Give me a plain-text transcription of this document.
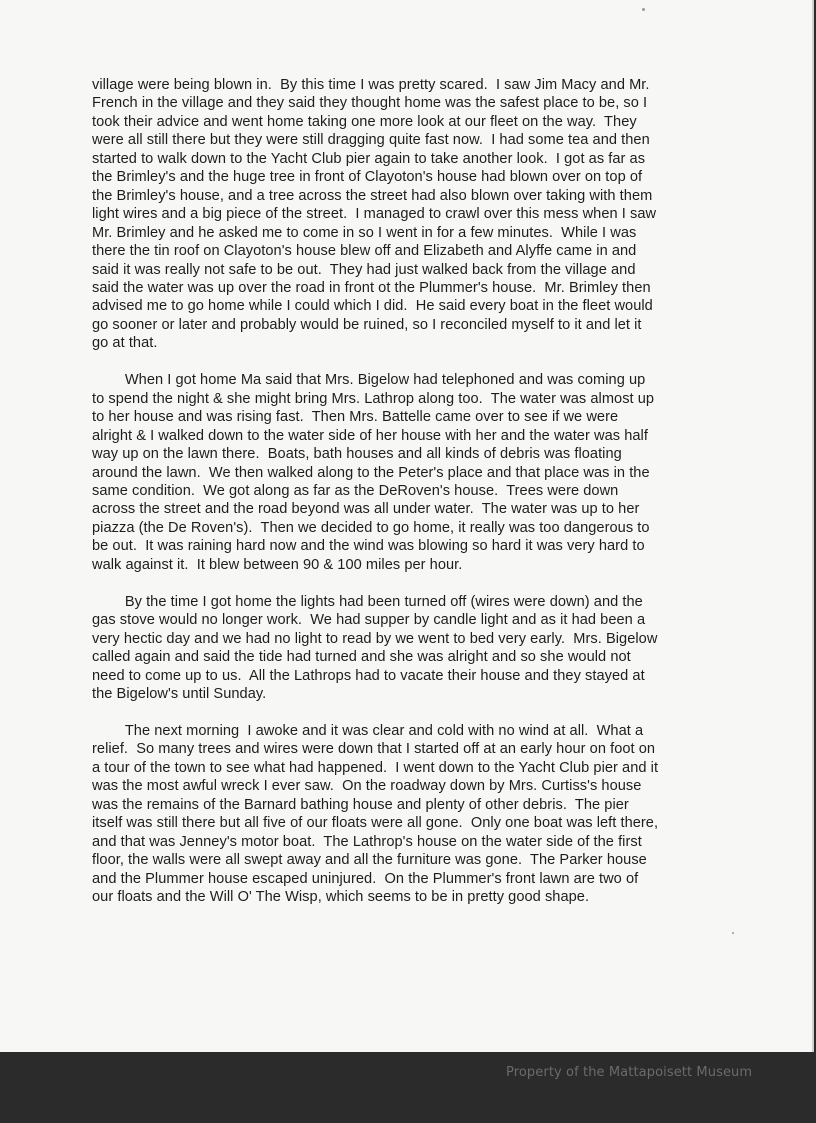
village were being blown in.  By this time I was pretty scared.  I saw Jim Macy and Mr.
French in the village and they said they thought home was the safest place to be, so I
took their advice and went home taking one more look at our fleet on the way.  They
were all still there but they were still dragging quite fast now.  I had some tea and then
started to walk down to the Yacht Club pier again to take another look.  I got as far as
the Brimley's and the huge tree in front of Clayoton's house had blown over on top of
the Brimley's house, and a tree across the street had also blown over taking with them
light wires and a big piece of the street.  I managed to crawl over this mess when I saw
Mr. Brimley and he asked me to come in so I went in for a few minutes.  While I was
there the tin roof on Clayoton's house blew off and Elizabeth and Alyffe came in and
said it was really not safe to be out.  They had just walked back from the village and
said the water was up over the road in front ot the Plummer's house.  Mr. Brimley then
advised me to go home while I could which I did.  He said every boat in the fleet would
go sooner or later and probably would be ruined, so I reconciled myself to it and let it
go at that.

When I got home Ma said that Mrs. Bigelow had telephoned and was coming up
to spend the night & she might bring Mrs. Lathrop along too.  The water was almost up
to her house and was rising fast.  Then Mrs. Battelle came over to see if we were
alright & I walked down to the water side of her house with her and the water was half
way up on the lawn there.  Boats, bath houses and all kinds of debris was floating
around the lawn.  We then walked along to the Peter's place and that place was in the
same condition.  We got along as far as the DeRoven's house.  Trees were down
across the street and the road beyond was all under water.  The water was up to her
piazza (the De Roven's).  Then we decided to go home, it really was too dangerous to
be out.  It was raining hard now and the wind was blowing so hard it was very hard to
walk against it.  It blew between 90 & 100 miles per hour.

By the time I got home the lights had been turned off (wires were down) and the
gas stove would no longer work.  We had supper by candle light and as it had been a
very hectic day and we had no light to read by we went to bed very early.  Mrs. Bigelow
called again and said the tide had turned and she was alright and so she would not
need to come up to us.  All the Lathrops had to vacate their house and they stayed at
the Bigelow's until Sunday.

The next morning  I awoke and it was clear and cold with no wind at all.  What a
relief.  So many trees and wires were down that I started off at an early hour on foot on
a tour of the town to see what had happened.  I went down to the Yacht Club pier and it
was the most awful wreck I ever saw.  On the roadway down by Mrs. Curtiss's house
was the remains of the Barnard bathing house and plenty of other debris.  The pier
itself was still there but all five of our floats were all gone.  Only one boat was left there,
and that was Jenney's motor boat.  The Lathrop's house on the water side of the first
floor, the walls were all swept away and all the furniture was gone.  The Parker house
and the Plummer house escaped uninjured.  On the Plummer's front lawn are two of
our floats and the Will O' The Wisp, which seems to be in pretty good shape.

Property of the Mattapoisett Museum
